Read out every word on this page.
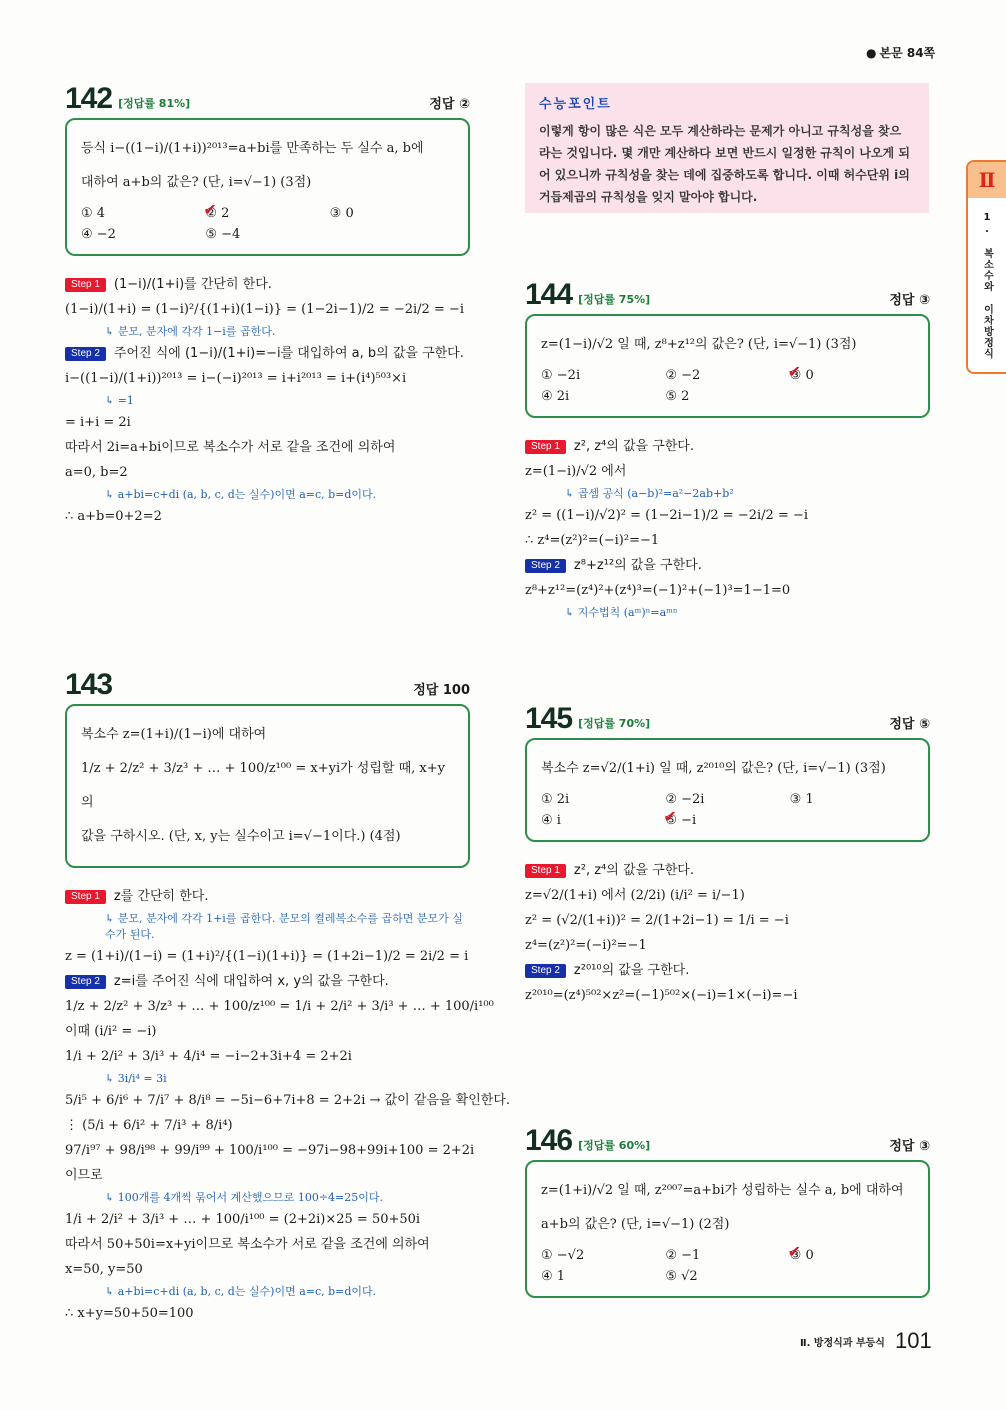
● 본문 84쪽
수능포인트

이렇게 항이 많은 식은 모두 계산하라는 문제가 아니고 규칙성을 찾으

라는 것입니다. 몇 개만 계산하다 보면 반드시 일정한 규칙이 나오게 되

어 있으니까 규칙성을 찾는 데에 집중하도록 합니다. 이때 허수단위 i의

거듭제곱의 규칙성을 잊지 말아야 합니다.

Ⅱ
1. 복소수와 이차방정식
Ⅱ. 방정식과 부등식 101
142 [정답률 81%]	정답 ②
등식 i−((1−i)/(1+i))²⁰¹³=a+bi를 만족하는 두 실수 a, b에
대하여 a+b의 값은? (단, i=√−1) (3점)
① 4	✔ ② 2	③ 0
④ −2	⑤ −4
Step 1 (1−i)/(1+i)를 간단히 한다.
(1−i)/(1+i) = (1−i)²/{(1+i)(1−i)} = (1−2i−1)/2 = −2i/2 = −i
↳ 분모, 분자에 각각 1−i를 곱한다.
Step 2 주어진 식에 (1−i)/(1+i)=−i를 대입하여 a, b의 값을 구한다.
i−((1−i)/(1+i))²⁰¹³ = i−(−i)²⁰¹³ = i+i²⁰¹³ = i+(i⁴)⁵⁰³×i
↳ =1
= i+i = 2i
따라서 2i=a+bi이므로 복소수가 서로 같을 조건에 의하여
a=0, b=2
↳ a+bi=c+di (a, b, c, d는 실수)이면 a=c, b=d이다.
∴ a+b=0+2=2
143	정답 100
복소수 z=(1+i)/(1−i)에 대하여
1/z + 2/z² + 3/z³ + … + 100/z¹⁰⁰ = x+yi가 성립할 때, x+y의
값을 구하시오. (단, x, y는 실수이고 i=√−1이다.) (4점)
Step 1 z를 간단히 한다.
↳ 분모, 분자에 각각 1+i를 곱한다. 분모의 켤레복소수를 곱하면 분모가 실수가 된다.
z = (1+i)/(1−i) = (1+i)²/{(1−i)(1+i)} = (1+2i−1)/2 = 2i/2 = i
Step 2 z=i를 주어진 식에 대입하여 x, y의 값을 구한다.
1/z + 2/z² + 3/z³ + … + 100/z¹⁰⁰ = 1/i + 2/i² + 3/i³ + … + 100/i¹⁰⁰
이때 (i/i² = −i)
1/i + 2/i² + 3/i³ + 4/i⁴ = −i−2+3i+4 = 2+2i
↳ 3i/i⁴ = 3i
5/i⁵ + 6/i⁶ + 7/i⁷ + 8/i⁸ = −5i−6+7i+8 = 2+2i → 값이 같음을 확인한다.
⋮ (5/i + 6/i² + 7/i³ + 8/i⁴)
97/i⁹⁷ + 98/i⁹⁸ + 99/i⁹⁹ + 100/i¹⁰⁰ = −97i−98+99i+100 = 2+2i
이므로
↳ 100개를 4개씩 묶어서 계산했으므로 100÷4=25이다.
1/i + 2/i² + 3/i³ + … + 100/i¹⁰⁰ = (2+2i)×25 = 50+50i
따라서 50+50i=x+yi이므로 복소수가 서로 같을 조건에 의하여
x=50, y=50
↳ a+bi=c+di (a, b, c, d는 실수)이면 a=c, b=d이다.
∴ x+y=50+50=100
144 [정답률 75%]	정답 ③
z=(1−i)/√2 일 때, z⁸+z¹²의 값은? (단, i=√−1) (3점)
① −2i	② −2	✔ ③ 0
④ 2i	⑤ 2
Step 1 z², z⁴의 값을 구한다.
z=(1−i)/√2 에서
↳ 곱셈 공식 (a−b)²=a²−2ab+b²
z² = ((1−i)/√2)² = (1−2i−1)/2 = −2i/2 = −i
∴ z⁴=(z²)²=(−i)²=−1
Step 2 z⁸+z¹²의 값을 구한다.
z⁸+z¹²=(z⁴)²+(z⁴)³=(−1)²+(−1)³=1−1=0
↳ 지수법칙 (aᵐ)ⁿ=aᵐⁿ
145 [정답률 70%]	정답 ⑤
복소수 z=√2/(1+i) 일 때, z²⁰¹⁰의 값은? (단, i=√−1) (3점)
① 2i	② −2i	③ 1
④ i	✔ ⑤ −i
Step 1 z², z⁴의 값을 구한다.
z=√2/(1+i) 에서 (2/2i) (i/i² = i/−1)
z² = (√2/(1+i))² = 2/(1+2i−1) = 1/i = −i
z⁴=(z²)²=(−i)²=−1
Step 2 z²⁰¹⁰의 값을 구한다.
z²⁰¹⁰=(z⁴)⁵⁰²×z²=(−1)⁵⁰²×(−i)=1×(−i)=−i
146 [정답률 60%]	정답 ③
z=(1+i)/√2 일 때, z²⁰⁰⁷=a+bi가 성립하는 실수 a, b에 대하여
a+b의 값은? (단, i=√−1) (2점)
① −√2	② −1	✔ ③ 0
④ 1	⑤ √2
